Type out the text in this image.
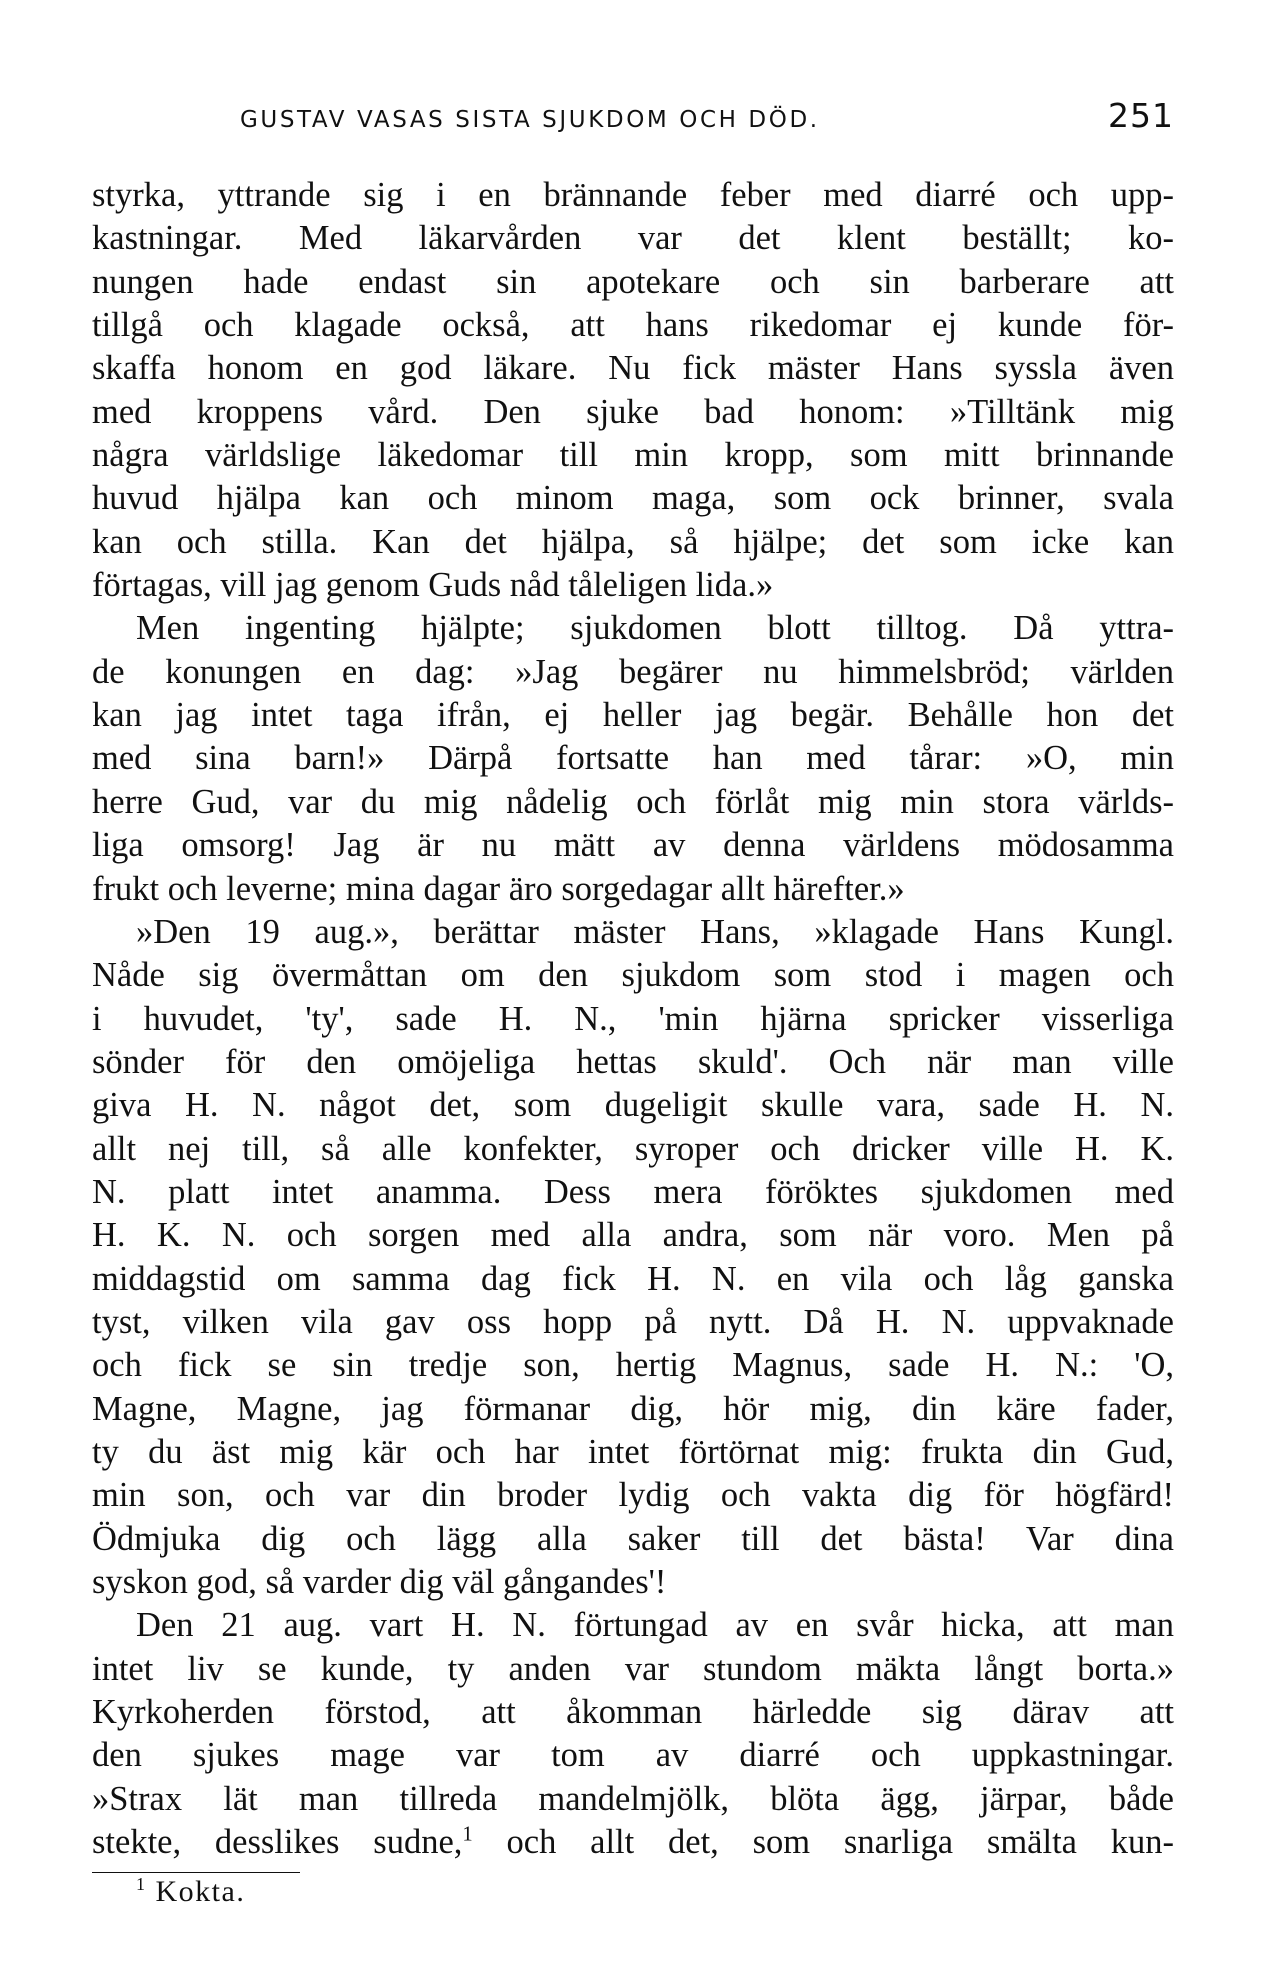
GUSTAV VASAS SISTA SJUKDOM OCH DÖD.	251
styrka, yttrande sig i en brännande feber med diarré och upp-
kastningar. Med läkarvården var det klent beställt; ko-
nungen hade endast sin apotekare och sin barberare att
tillgå och klagade också, att hans rikedomar ej kunde för-
skaffa honom en god läkare. Nu fick mäster Hans syssla även
med kroppens vård. Den sjuke bad honom: »Tilltänk mig
några världslige läkedomar till min kropp, som mitt brinnande
huvud hjälpa kan och minom maga, som ock brinner, svala
kan och stilla. Kan det hjälpa, så hjälpe; det som icke kan
förtagas, vill jag genom Guds nåd tåleligen lida.»
Men ingenting hjälpte; sjukdomen blott tilltog. Då yttra-
de konungen en dag: »Jag begärer nu himmelsbröd; världen
kan jag intet taga ifrån, ej heller jag begär. Behålle hon det
med sina barn!» Därpå fortsatte han med tårar: »O, min
herre Gud, var du mig nådelig och förlåt mig min stora världs-
liga omsorg! Jag är nu mätt av denna världens mödosamma
frukt och leverne; mina dagar äro sorgedagar allt härefter.»
»Den 19 aug.», berättar mäster Hans, »klagade Hans Kungl.
Nåde sig övermåttan om den sjukdom som stod i magen och
i huvudet, 'ty', sade H. N., 'min hjärna spricker visserliga
sönder för den omöjeliga hettas skuld'. Och när man ville
giva H. N. något det, som dugeligit skulle vara, sade H. N.
allt nej till, så alle konfekter, syroper och dricker ville H. K.
N. platt intet anamma. Dess mera föröktes sjukdomen med
H. K. N. och sorgen med alla andra, som när voro. Men på
middagstid om samma dag fick H. N. en vila och låg ganska
tyst, vilken vila gav oss hopp på nytt. Då H. N. uppvaknade
och fick se sin tredje son, hertig Magnus, sade H. N.: 'O,
Magne, Magne, jag förmanar dig, hör mig, din käre fader,
ty du äst mig kär och har intet förtörnat mig: frukta din Gud,
min son, och var din broder lydig och vakta dig för högfärd!
Ödmjuka dig och lägg alla saker till det bästa! Var dina
syskon god, så varder dig väl gångandes'!
Den 21 aug. vart H. N. förtungad av en svår hicka, att man
intet liv se kunde, ty anden var stundom mäkta långt borta.»
Kyrkoherden förstod, att åkomman härledde sig därav att
den sjukes mage var tom av diarré och uppkastningar.
»Strax lät man tillreda mandelmjölk, blöta ägg, järpar, både
stekte, desslikes sudne,$^1$ och allt det, som snarliga smälta kun-
$^1$ Kokta.
